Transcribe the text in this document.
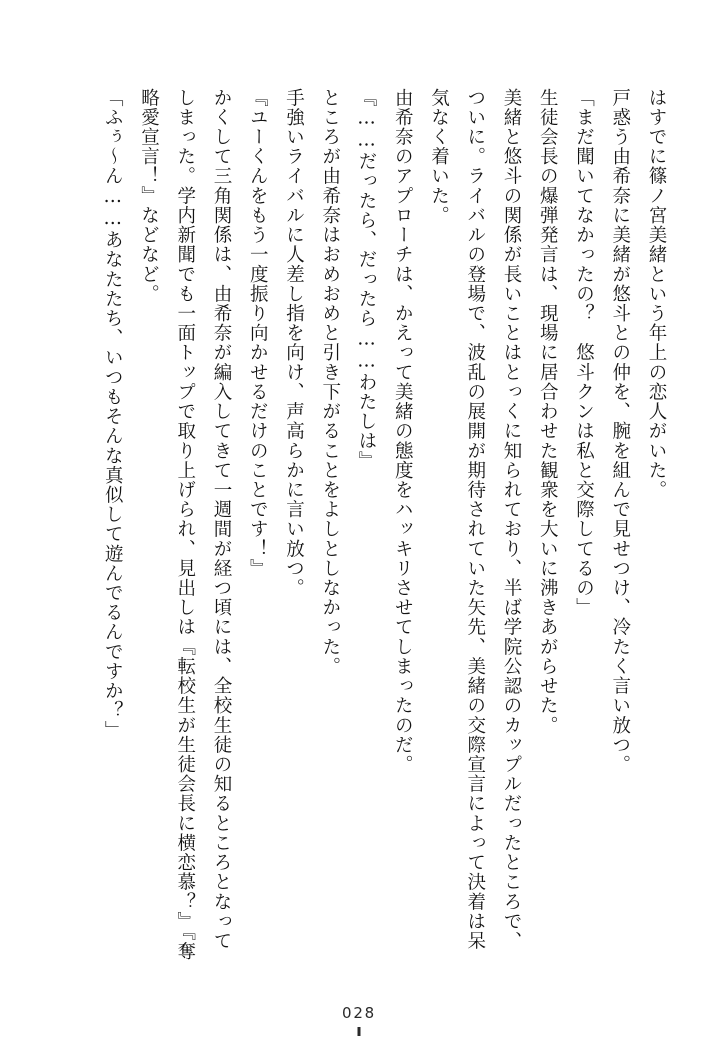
はすでに篠ノ宮美緒という年上の恋人がいた。

戸惑う由希奈に美緒が悠斗との仲を、腕を組んで見せつけ、冷たく言い放つ。

「まだ聞いてなかったの？　悠斗クンは私と交際してるの」

生徒会長の爆弾発言は、現場に居合わせた観衆を大いに沸きあがらせた。

美緒と悠斗の関係が長いことはとっくに知られており、半ば学院公認のカップルだったところで、ついに。ライバルの登場で、波乱の展開が期待されていた矢先、美緒の交際宣言によって決着は呆気なく着いた。

由希奈のアプローチは、かえって美緒の態度をハッキリさせてしまったのだ。

『……だったら、だったら……わたしは』

ところが由希奈はおめおめと引き下がることをよしとしなかった。

手強いライバルに人差し指を向け、声高らかに言い放つ。

『ユーくんをもう一度振り向かせるだけのことです！』

かくして三角関係は、由希奈が編入してきて一週間が経つ頃には、全校生徒の知るところとなってしまった。学内新聞でも一面トップで取り上げられ、見出しは『転校生が生徒会長に横恋慕？』『奪略愛宣言！』などなど。

「ふぅ～ん……あなたたち、いつもそんな真似して遊んでるんですか？」

028
